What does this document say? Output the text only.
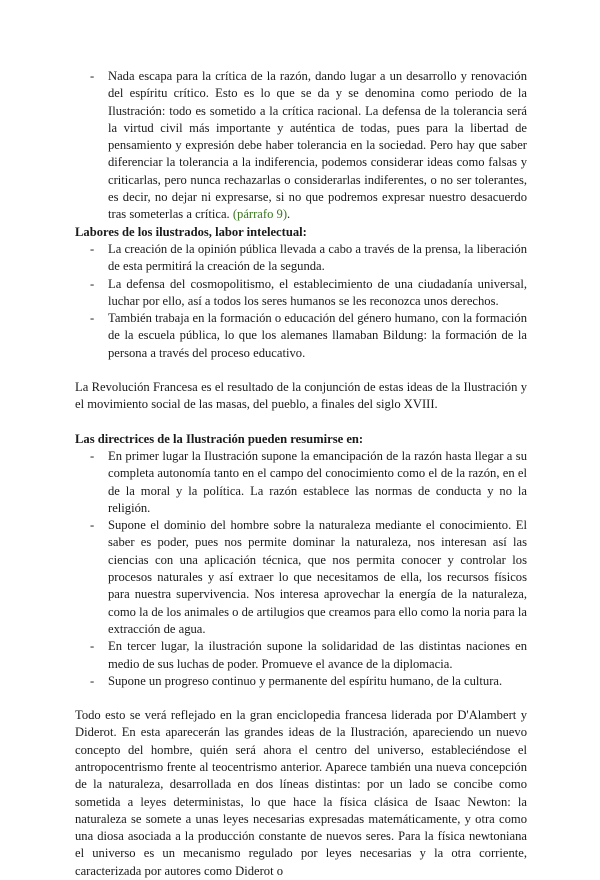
- Nada escapa para la crítica de la razón, dando lugar a un desarrollo y renovación del espíritu crítico. Esto es lo que se da y se denomina como periodo de la Ilustración: todo es sometido a la crítica racional. La defensa de la tolerancia será la virtud civil más importante y auténtica de todas, pues para la libertad de pensamiento y expresión debe haber tolerancia en la sociedad. Pero hay que saber diferenciar la tolerancia a la indiferencia, podemos considerar ideas como falsas y criticarlas, pero nunca rechazarlas o considerarlas indiferentes, o no ser tolerantes, es decir, no dejar ni expresarse, si no que podremos expresar nuestro desacuerdo tras someterlas a crítica. (párrafo 9).

Labores de los ilustrados, labor intelectual:

- La creación de la opinión pública llevada a cabo a través de la prensa, la liberación de esta permitirá la creación de la segunda.
- La defensa del cosmopolitismo, el establecimiento de una ciudadanía universal, luchar por ello, así a todos los seres humanos se les reconozca unos derechos.
- También trabaja en la formación o educación del género humano, con la formación de la escuela pública, lo que los alemanes llamaban Bildung: la formación de la persona a través del proceso educativo.

La Revolución Francesa es el resultado de la conjunción de estas ideas de la Ilustración y el movimiento social de las masas, del pueblo, a finales del siglo XVIII.

Las directrices de la Ilustración pueden resumirse en:

- En primer lugar la Ilustración supone la emancipación de la razón hasta llegar a su completa autonomía tanto en el campo del conocimiento como el de la razón, en el de la moral y la política. La razón establece las normas de conducta y no la religión.
- Supone el dominio del hombre sobre la naturaleza mediante el conocimiento. El saber es poder, pues nos permite dominar la naturaleza, nos interesan así las ciencias con una aplicación técnica, que nos permita conocer y controlar los procesos naturales y así extraer lo que necesitamos de ella, los recursos físicos para nuestra supervivencia. Nos interesa aprovechar la energía de la naturaleza, como la de los animales o de artilugios que creamos para ello como la noria para la extracción de agua.
- En tercer lugar, la ilustración supone la solidaridad de las distintas naciones en medio de sus luchas de poder. Promueve el avance de la diplomacia.
- Supone un progreso continuo y permanente del espíritu humano, de la cultura.

Todo esto se verá reflejado en la gran enciclopedia francesa liderada por D'Alambert y Diderot. En esta aparecerán las grandes ideas de la Ilustración, apareciendo un nuevo concepto del hombre, quién será ahora el centro del universo, estableciéndose el antropocentrismo frente al teocentrismo anterior. Aparece también una nueva concepción de la naturaleza, desarrollada en dos líneas distintas: por un lado se concibe como sometida a leyes deterministas, lo que hace la física clásica de Isaac Newton: la naturaleza se somete a unas leyes necesarias expresadas matemáticamente, y otra como una diosa asociada a la producción constante de nuevos seres. Para la física newtoniana el universo es un mecanismo regulado por leyes necesarias y la otra corriente, caracterizada por autores como Diderot o
